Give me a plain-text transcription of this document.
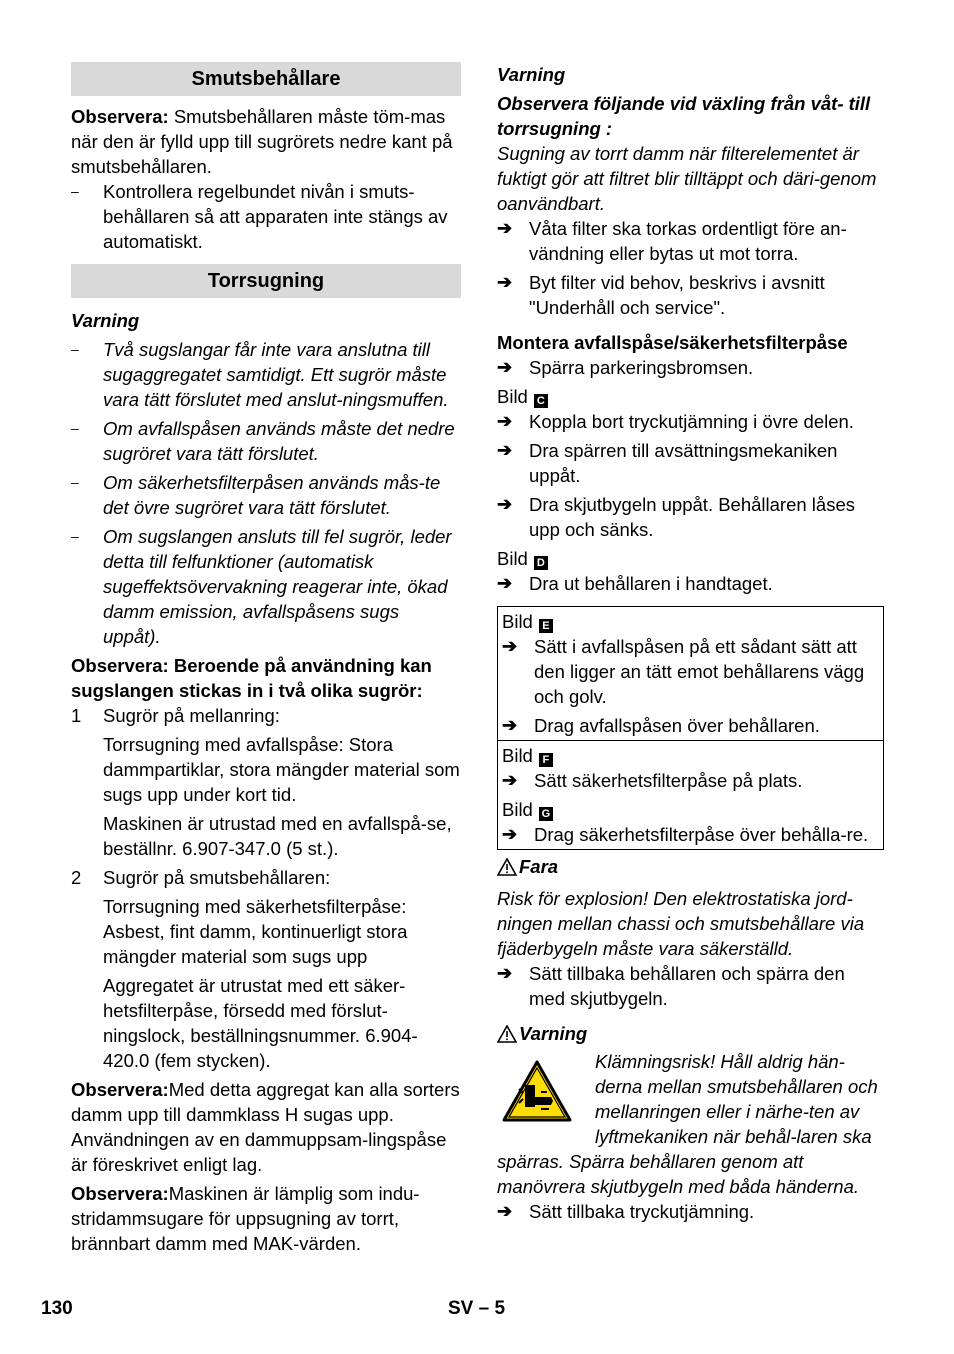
Smutsbehållare

Observera: Smutsbehållaren måste töm-mas när den är fylld upp till sugrörets nedre kant på smutsbehållaren.

– Kontrollera regelbundet nivån i smuts-behållaren så att apparaten inte stängs av automatiskt.
Torrsugning

Varning

– Två sugslangar får inte vara anslutna till sugaggregatet samtidigt. Ett sugrör måste vara tätt förslutet med anslut-ningsmuffen.
– Om avfallspåsen används måste det nedre sugröret vara tätt förslutet.
– Om säkerhetsfilterpåsen används mås-te det övre sugröret vara tätt förslutet.
– Om sugslangen ansluts till fel sugrör, leder detta till felfunktioner (automatisk sugeffektsövervakning reagerar inte, ökad damm emission, avfallspåsens sugs uppåt).

Observera: Beroende på användning kan sugslangen stickas in i två olika sugrör:

1 Sugrör på mellanring:

Torrsugning med avfallspåse: Stora dammpartiklar, stora mängder material som sugs upp under kort tid.

Maskinen är utrustad med en avfallspå-se, beställnr. 6.907-347.0 (5 st.).

2 Sugrör på smutsbehållaren:

Torrsugning med säkerhetsfilterpåse: Asbest, fint damm, kontinuerligt stora mängder material som sugs upp

Aggregatet är utrustat med ett säker-hetsfilterpåse, försedd med förslut-ningslock, beställningsnummer. 6.904-420.0 (fem stycken).

Observera:Med detta aggregat kan alla sorters damm upp till dammklass H sugas upp. Användningen av en dammuppsam-lingspåse är föreskrivet enligt lag.

Observera:Maskinen är lämplig som indu-stridammsugare för uppsugning av torrt, brännbart damm med MAK-värden.

Varning

Observera följande vid växling från våt- till torrsugning :

Sugning av torrt damm när filterelementet är fuktigt gör att filtret blir tilltäppt och däri-genom oanvändbart.

➔ Våta filter ska torkas ordentligt före an-vändning eller bytas ut mot torra.
➔ Byt filter vid behov, beskrivs i avsnitt "Underhåll och service".

Montera avfallspåse/säkerhetsfilterpåse

➔ Spärra parkeringsbromsen.

Bild C

➔ Koppla bort tryckutjämning i övre delen.
➔ Dra spärren till avsättningsmekaniken uppåt.
➔ Dra skjutbygeln uppåt. Behållaren låses upp och sänks.

Bild D

➔ Dra ut behållaren i handtaget.

Bild E

➔ Sätt i avfallspåsen på ett sådant sätt att den ligger an tätt emot behållarens vägg och golv.
➔ Drag avfallspåsen över behållaren.

Bild F

➔ Sätt säkerhetsfilterpåse på plats.

Bild G

➔ Drag säkerhetsfilterpåse över behålla-re.

Fara

Risk för explosion! Den elektrostatiska jord-ningen mellan chassi och smutsbehållare via fjäderbygeln måste vara säkerställd.

➔ Sätt tillbaka behållaren och spärra den med skjutbygeln.

Varning

Klämningsrisk! Håll aldrig hän-derna mellan smutsbehållaren och mellanringen eller i närhe-ten av lyftmekaniken när behål-laren ska spärras. Spärra behållaren genom att manövrera skjutbygeln med båda händerna.
➔ Sätt tillbaka tryckutjämning.
130	SV – 5
